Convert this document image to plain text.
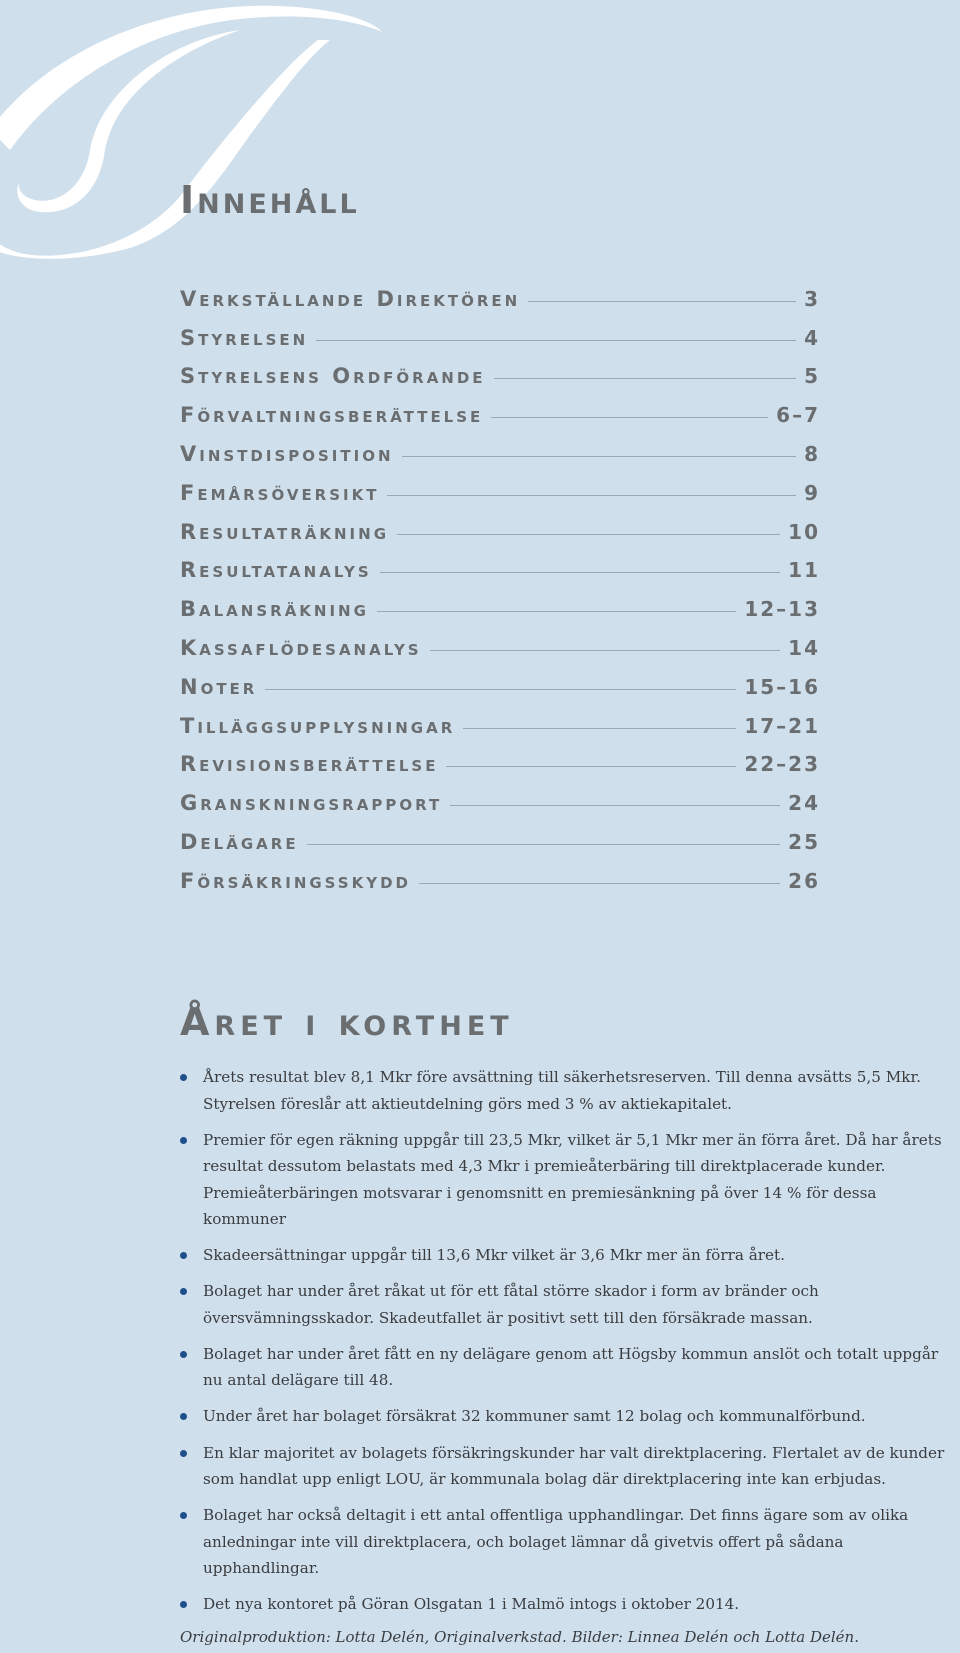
Innehåll
Verkställande Direktören	3
Styrelsen	4
Styrelsens Ordförande	5
Förvaltningsberättelse	6–7
Vinstdisposition	8
Femårsöversikt	9
Resultaträkning	10
Resultatanalys	11
Balansräkning	12–13
Kassaflödesanalys	14
Noter	15–16
Tilläggsupplysningar	17–21
Revisionsberättelse	22–23
Granskningsrapport	24
Delägare	25
Försäkringsskydd	26
Året i korthet
Årets resultat blev 8,1 Mkr före avsättning till säkerhetsreserven. Till denna avsätts 5,5 Mkr. Styrelsen föreslår att aktieutdelning görs med 3 % av aktiekapitalet.
Premier för egen räkning uppgår till 23,5 Mkr, vilket är 5,1 Mkr mer än förra året. Då har årets resultat dessutom belastats med 4,3 Mkr i premieåterbäring till direktplacerade kunder. Premieåterbäringen motsvarar i genomsnitt en premiesänkning på över 14 % för dessa kommuner
Skadeersättningar uppgår till 13,6 Mkr vilket är 3,6 Mkr mer än förra året.
Bolaget har under året råkat ut för ett fåtal större skador i form av bränder och översvämningsskador. Skadeutfallet är positivt sett till den försäkrade massan.
Bolaget har under året fått en ny delägare genom att Högsby kommun anslöt och totalt uppgår nu antal delägare till 48.
Under året har bolaget försäkrat 32 kommuner samt 12 bolag och kommunalförbund.
En klar majoritet av bolagets försäkringskunder har valt direktplacering. Flertalet av de kunder som handlat upp enligt LOU, är kommunala bolag där direktplacering inte kan erbjudas.
Bolaget har också deltagit i ett antal offentliga upphandlingar. Det finns ägare som av olika anledningar inte vill direktplacera, och bolaget lämnar då givetvis offert på sådana upphandlingar.
Det nya kontoret på Göran Olsgatan 1 i Malmö intogs i oktober 2014.

Originalproduktion: Lotta Delén, Originalverkstad. Bilder: Linnea Delén och Lotta Delén.
